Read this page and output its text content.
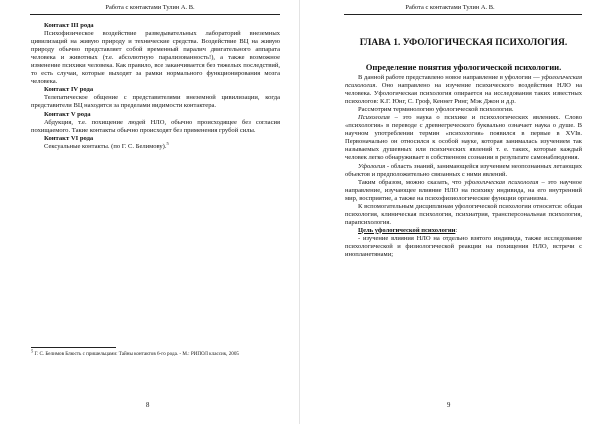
Работа с контактами Тулин А. В.

Контакт III рода

Психофизическое воздействие разведывательных лабораторий внеземных цивилизаций на живую природу и технические средства. Воздействие ВЦ на живую природу обычно представляет собой временный паралич двигательного аппарата человека и животных (т.е. абсолютную парализованность!), а также возможное изменение психики человека. Как правило, все заканчивается без тяжелых последствий, то есть случаи, которые выходят за рамки нормального функционирования мозга человека.

Контакт IV рода

Телепатическое общение с представителями внеземной цивилизации, когда представители ВЦ находятся за пределами видимости контактера.

Контакт V рода

Абдукция, т.е. похищение людей НЛО, обычно происходящее без согласия похищаемого. Такие контакты обычно происходят без применения грубой силы.

Контакт VI рода

Сексуальные контакты. (по Г. С. Белимову).$^5$

$^5$ Г. С. Белимов Блюсть с пришельцами: Тайны контактов 6-го рода. - М.: РИПОЛ классик, 2005
8
Работа с контактами Тулин А. В.
ГЛАВА 1. УФОЛОГИЧЕСКАЯ ПСИХОЛОГИЯ.
Определение понятия уфологической психологии.

В данной работе представлено новое направление в уфологии — уфологическая психология. Оно направлено на изучение психического воздействия НЛО на человека. Уфологическая психология опирается на исследования таких известных психологов: К.Г. Юнг, С. Гроф, Кеннет Ринг, Мэк Джон и д.р.

Рассмотрим терминологию уфологической психологии.

Психология – это наука о психике и психологических явлениях. Слово «психология» в переводе с древнегреческого буквально означает наука о душе. В научном употреблении термин «психология» появился в первые в XVIв. Первоначально он относился к особой науке, которая занималась изучением так называемых душевных или психических явлений т. е. таких, которые каждый человек легко обнаруживает в собственном сознании в результате самонаблюдения.

Уфология - область знаний, занимающейся изучением неопознанных летающих объектов и предположительно связанных с ними явлений.

Таким образом, можно сказать, что уфологическая психология – это научное направление, изучающее влияние НЛО на психику индивида, на его внутренний мир, восприятие, а также на психофизиологические функции организма.

К вспомогательным дисциплинам уфологической психологии относятся: общая психология, клиническая психология, психиатрия, трансперсональная психология, парапсихология.

Цель уфологической психологии:

- изучение влияния НЛО на отдельно взятого индивида, также исследование психологической и физиологической реакции на похищения НЛО, встречи с инопланетянами;

9
